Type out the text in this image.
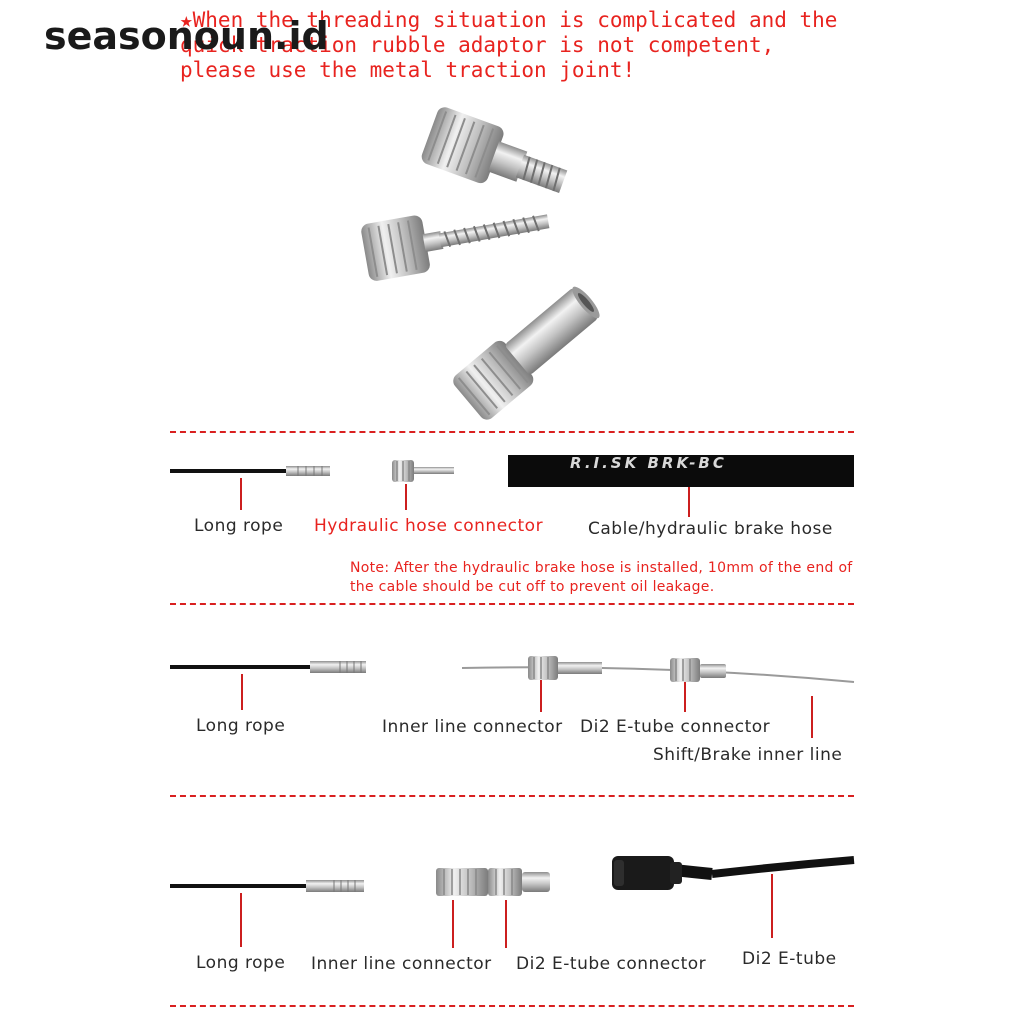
seasonoun.id
★When the threading situation is complicated and the quick traction rubble adaptor is not competent, please use the metal traction joint!
Long rope Hydraulic hose connector
R.I.SK BRK-BC
Cable/hydraulic brake hose
Note: After the hydraulic brake hose is installed, 10mm of the end of the cable should be cut off to prevent oil leakage.
Long rope	Inner line connector Di2 E-tube connector
Shift/Brake inner line
Long rope Inner line connector Di2 E-tube connector Di2 E-tube
